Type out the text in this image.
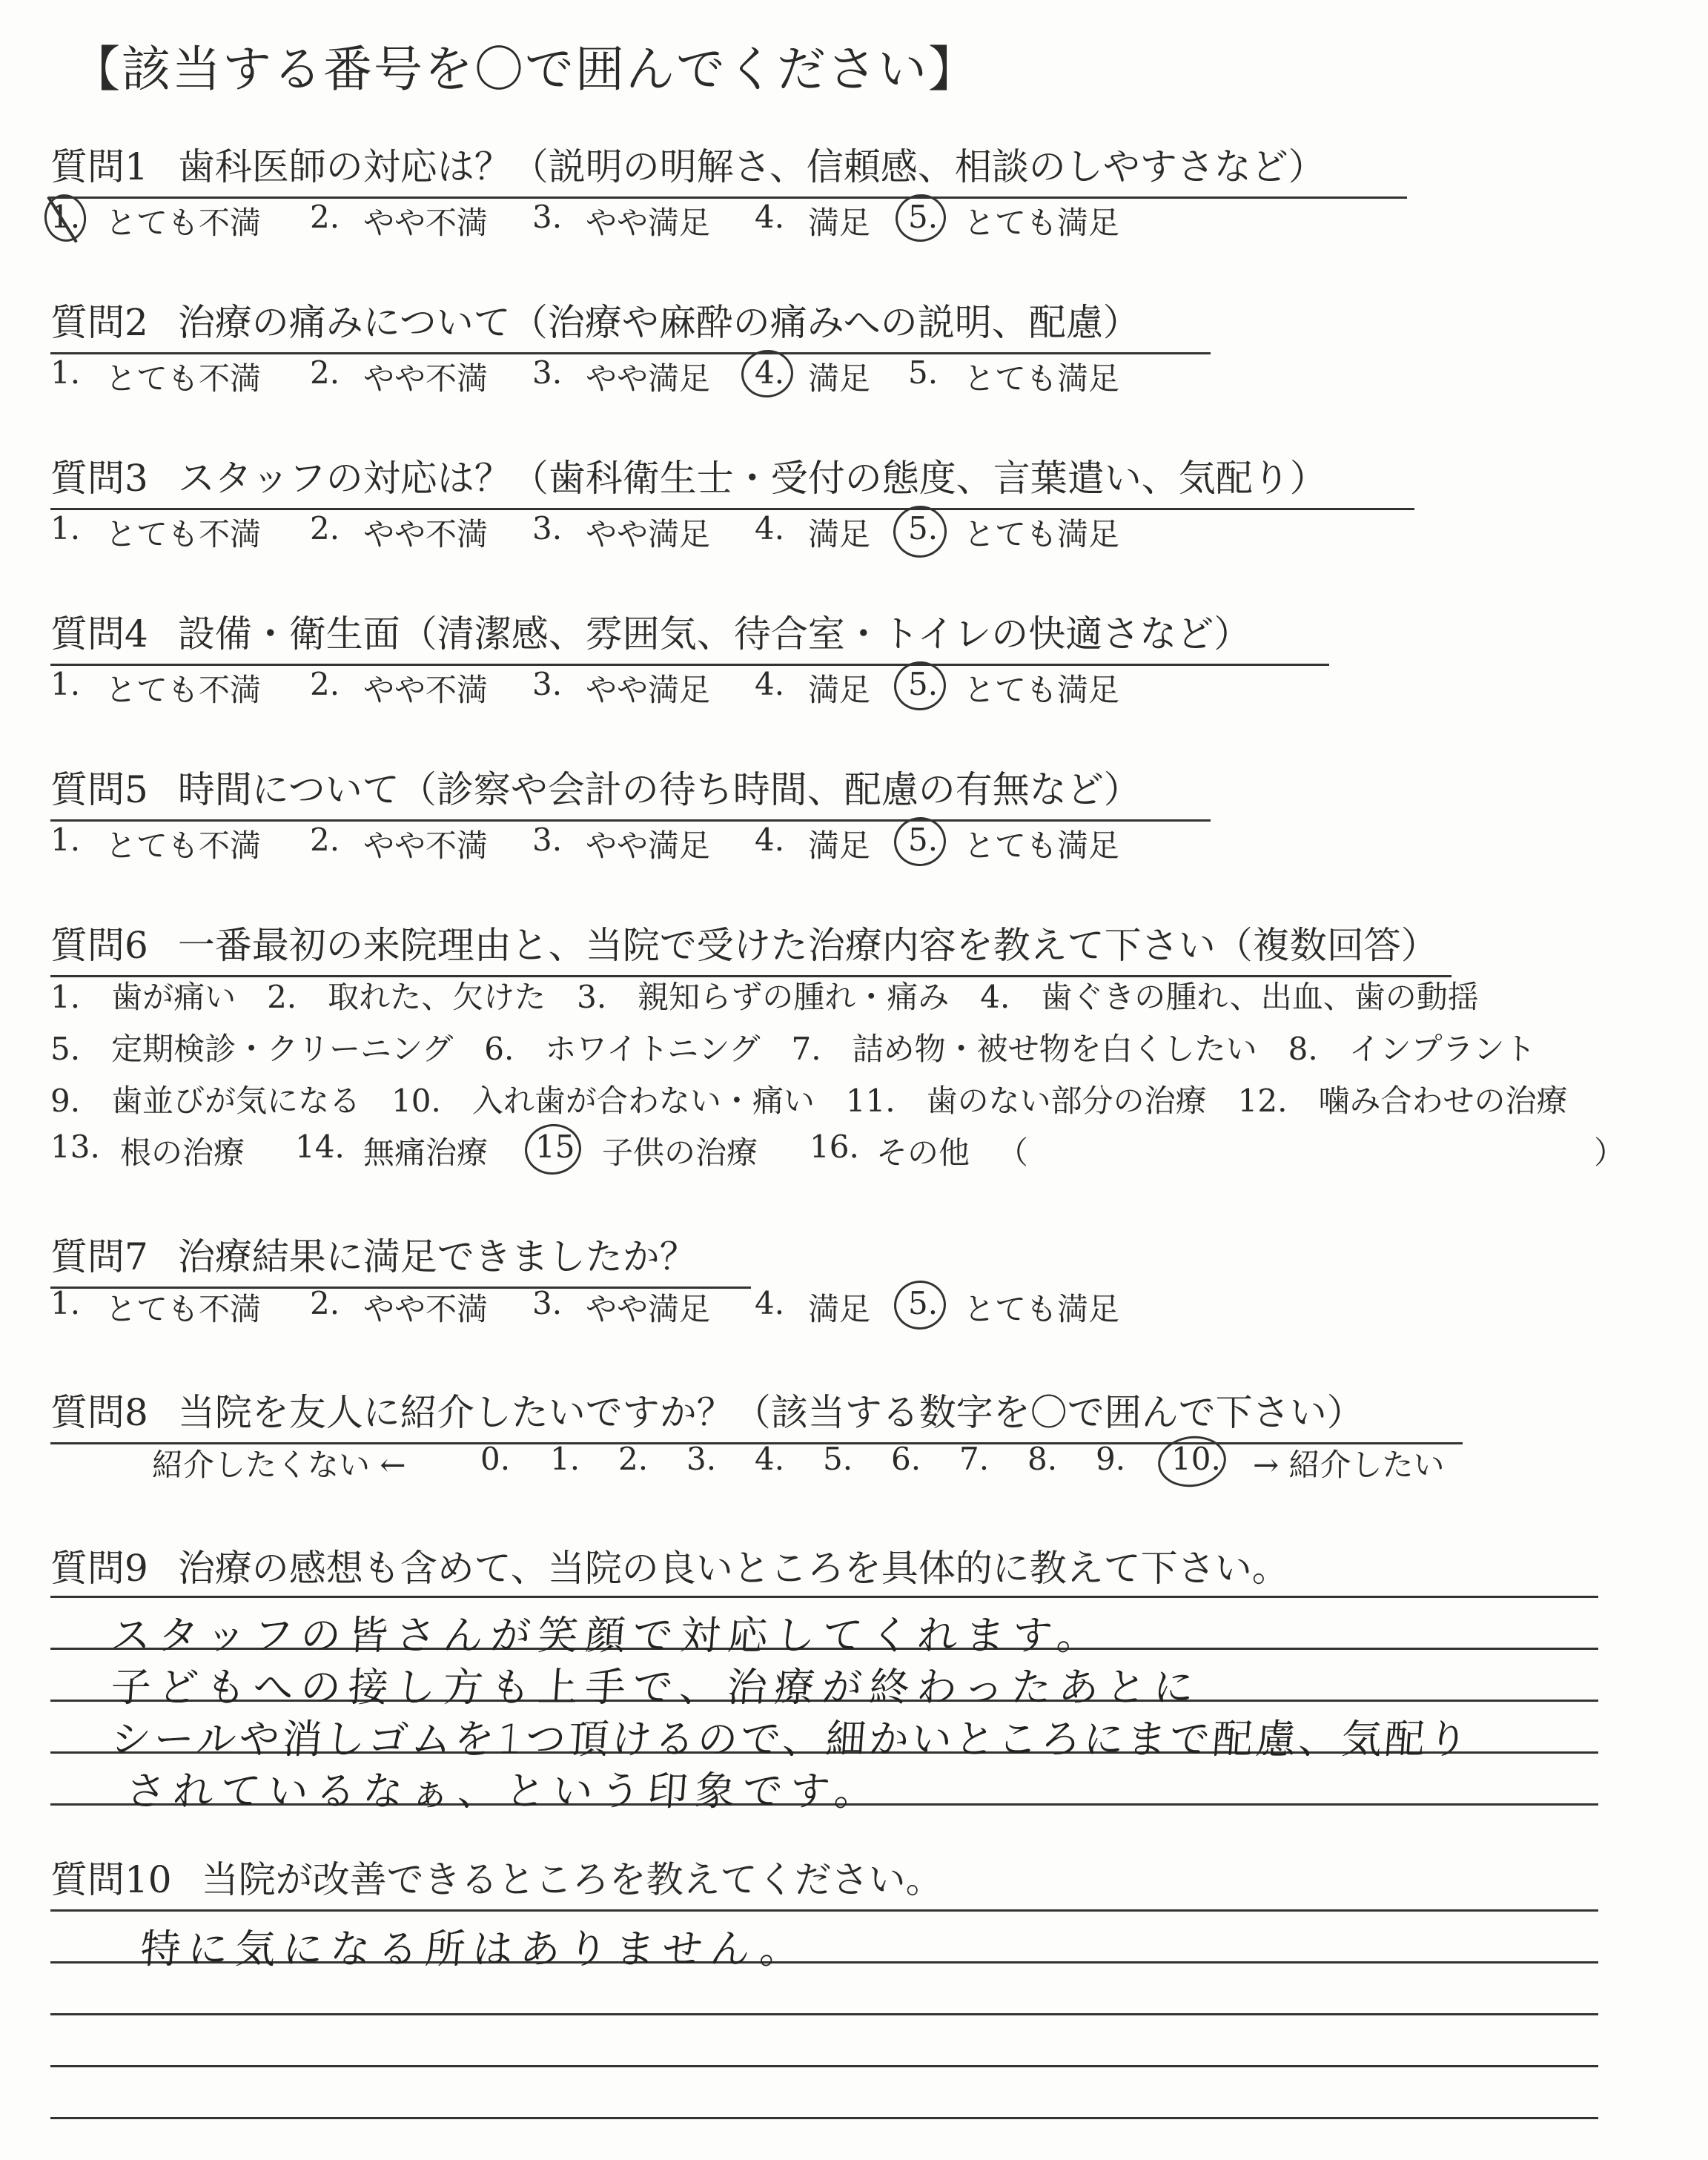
【該当する番号を〇で囲んでください】
質問1 歯科医師の対応は？（説明の明解さ、信頼感、相談のしやすさなど）
1. とても不満 2. やや不満 3. やや満足 4. 満足 5. とても満足
質問2 治療の痛みについて（治療や麻酔の痛みへの説明、配慮）
1. とても不満 2. やや不満 3. やや満足 4. 満足 5. とても満足
質問3 スタッフの対応は？（歯科衛生士・受付の態度、言葉遣い、気配り）
1. とても不満 2. やや不満 3. やや満足 4. 満足 5. とても満足
質問4 設備・衛生面（清潔感、雰囲気、待合室・トイレの快適さなど）
1. とても不満 2. やや不満 3. やや満足 4. 満足 5. とても満足
質問5 時間について（診察や会計の待ち時間、配慮の有無など）
1. とても不満 2. やや不満 3. やや満足 4. 満足 5. とても満足
質問6 一番最初の来院理由と、当院で受けた治療内容を教えて下さい（複数回答）
1.　歯が痛い　2.　取れた、欠けた　3.　親知らずの腫れ・痛み　4.　歯ぐきの腫れ、出血、歯の動揺
5.　定期検診・クリーニング　6.　ホワイトニング　7.　詰め物・被せ物を白くしたい　8.　インプラント
9.　歯並びが気になる　10.　入れ歯が合わない・痛い　11.　歯のない部分の治療　12.　噛み合わせの治療
13. 根の治療 14. 無痛治療 15 子供の治療 16. その他 （	）
質問7 治療結果に満足できましたか？
1. とても不満 2. やや不満 3. やや満足 4. 満足 5. とても満足
質問8 当院を友人に紹介したいですか？（該当する数字を〇で囲んで下さい）
紹介したくない ← 0. 1. 2. 3. 4. 5. 6. 7. 8. 9. 10. → 紹介したい
質問9 治療の感想も含めて、当院の良いところを具体的に教えて下さい。
スタッフの皆さんが笑顔で対応してくれます。
子どもへの接し方も上手で、治療が終わったあとに
シールや消しゴムを1つ頂けるので、細かいところにまで配慮、気配り
されているなぁ、という印象です。
質問10 当院が改善できるところを教えてください。
特に気になる所はありません。
